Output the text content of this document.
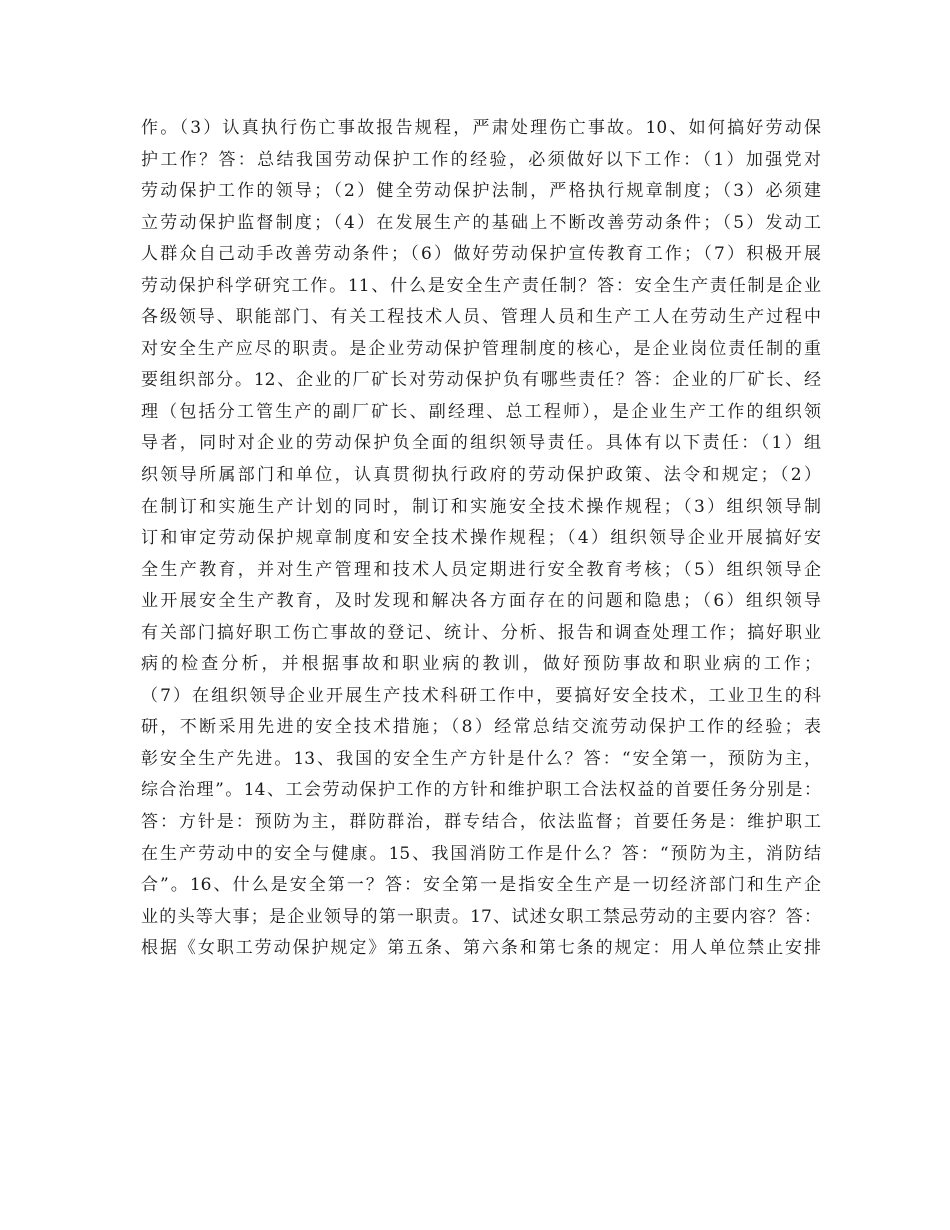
作。（3）认真执行伤亡事故报告规程，严肃处理伤亡事故。10、如何搞好劳动保
护工作？答：总结我国劳动保护工作的经验，必须做好以下工作：（1）加强党对
劳动保护工作的领导；（2）健全劳动保护法制，严格执行规章制度；（3）必须建
立劳动保护监督制度；（4）在发展生产的基础上不断改善劳动条件；（5）发动工
人群众自己动手改善劳动条件；（6）做好劳动保护宣传教育工作；（7）积极开展
劳动保护科学研究工作。11、什么是安全生产责任制？答：安全生产责任制是企业
各级领导、职能部门、有关工程技术人员、管理人员和生产工人在劳动生产过程中
对安全生产应尽的职责。是企业劳动保护管理制度的核心，是企业岗位责任制的重
要组织部分。12、企业的厂矿长对劳动保护负有哪些责任？答：企业的厂矿长、经
理（包括分工管生产的副厂矿长、副经理、总工程师），是企业生产工作的组织领
导者，同时对企业的劳动保护负全面的组织领导责任。具体有以下责任：（1）组
织领导所属部门和单位，认真贯彻执行政府的劳动保护政策、法令和规定；（2）
在制订和实施生产计划的同时，制订和实施安全技术操作规程；（3）组织领导制
订和审定劳动保护规章制度和安全技术操作规程；（4）组织领导企业开展搞好安
全生产教育，并对生产管理和技术人员定期进行安全教育考核；（5）组织领导企
业开展安全生产教育，及时发现和解决各方面存在的问题和隐患；（6）组织领导
有关部门搞好职工伤亡事故的登记、统计、分析、报告和调查处理工作；搞好职业
病的检查分析，并根据事故和职业病的教训，做好预防事故和职业病的工作；
（7）在组织领导企业开展生产技术科研工作中，要搞好安全技术，工业卫生的科
研，不断采用先进的安全技术措施；（8）经常总结交流劳动保护工作的经验；表
彰安全生产先进。13、我国的安全生产方针是什么？答：“安全第一，预防为主，
综合治理”。14、工会劳动保护工作的方针和维护职工合法权益的首要任务分别是：
答：方针是：预防为主，群防群治，群专结合，依法监督；首要任务是：维护职工
在生产劳动中的安全与健康。15、我国消防工作是什么？答：“预防为主，消防结
合”。16、什么是安全第一？答：安全第一是指安全生产是一切经济部门和生产企
业的头等大事；是企业领导的第一职责。17、试述女职工禁忌劳动的主要内容？答：
根据《女职工劳动保护规定》第五条、第六条和第七条的规定：用人单位禁止安排
